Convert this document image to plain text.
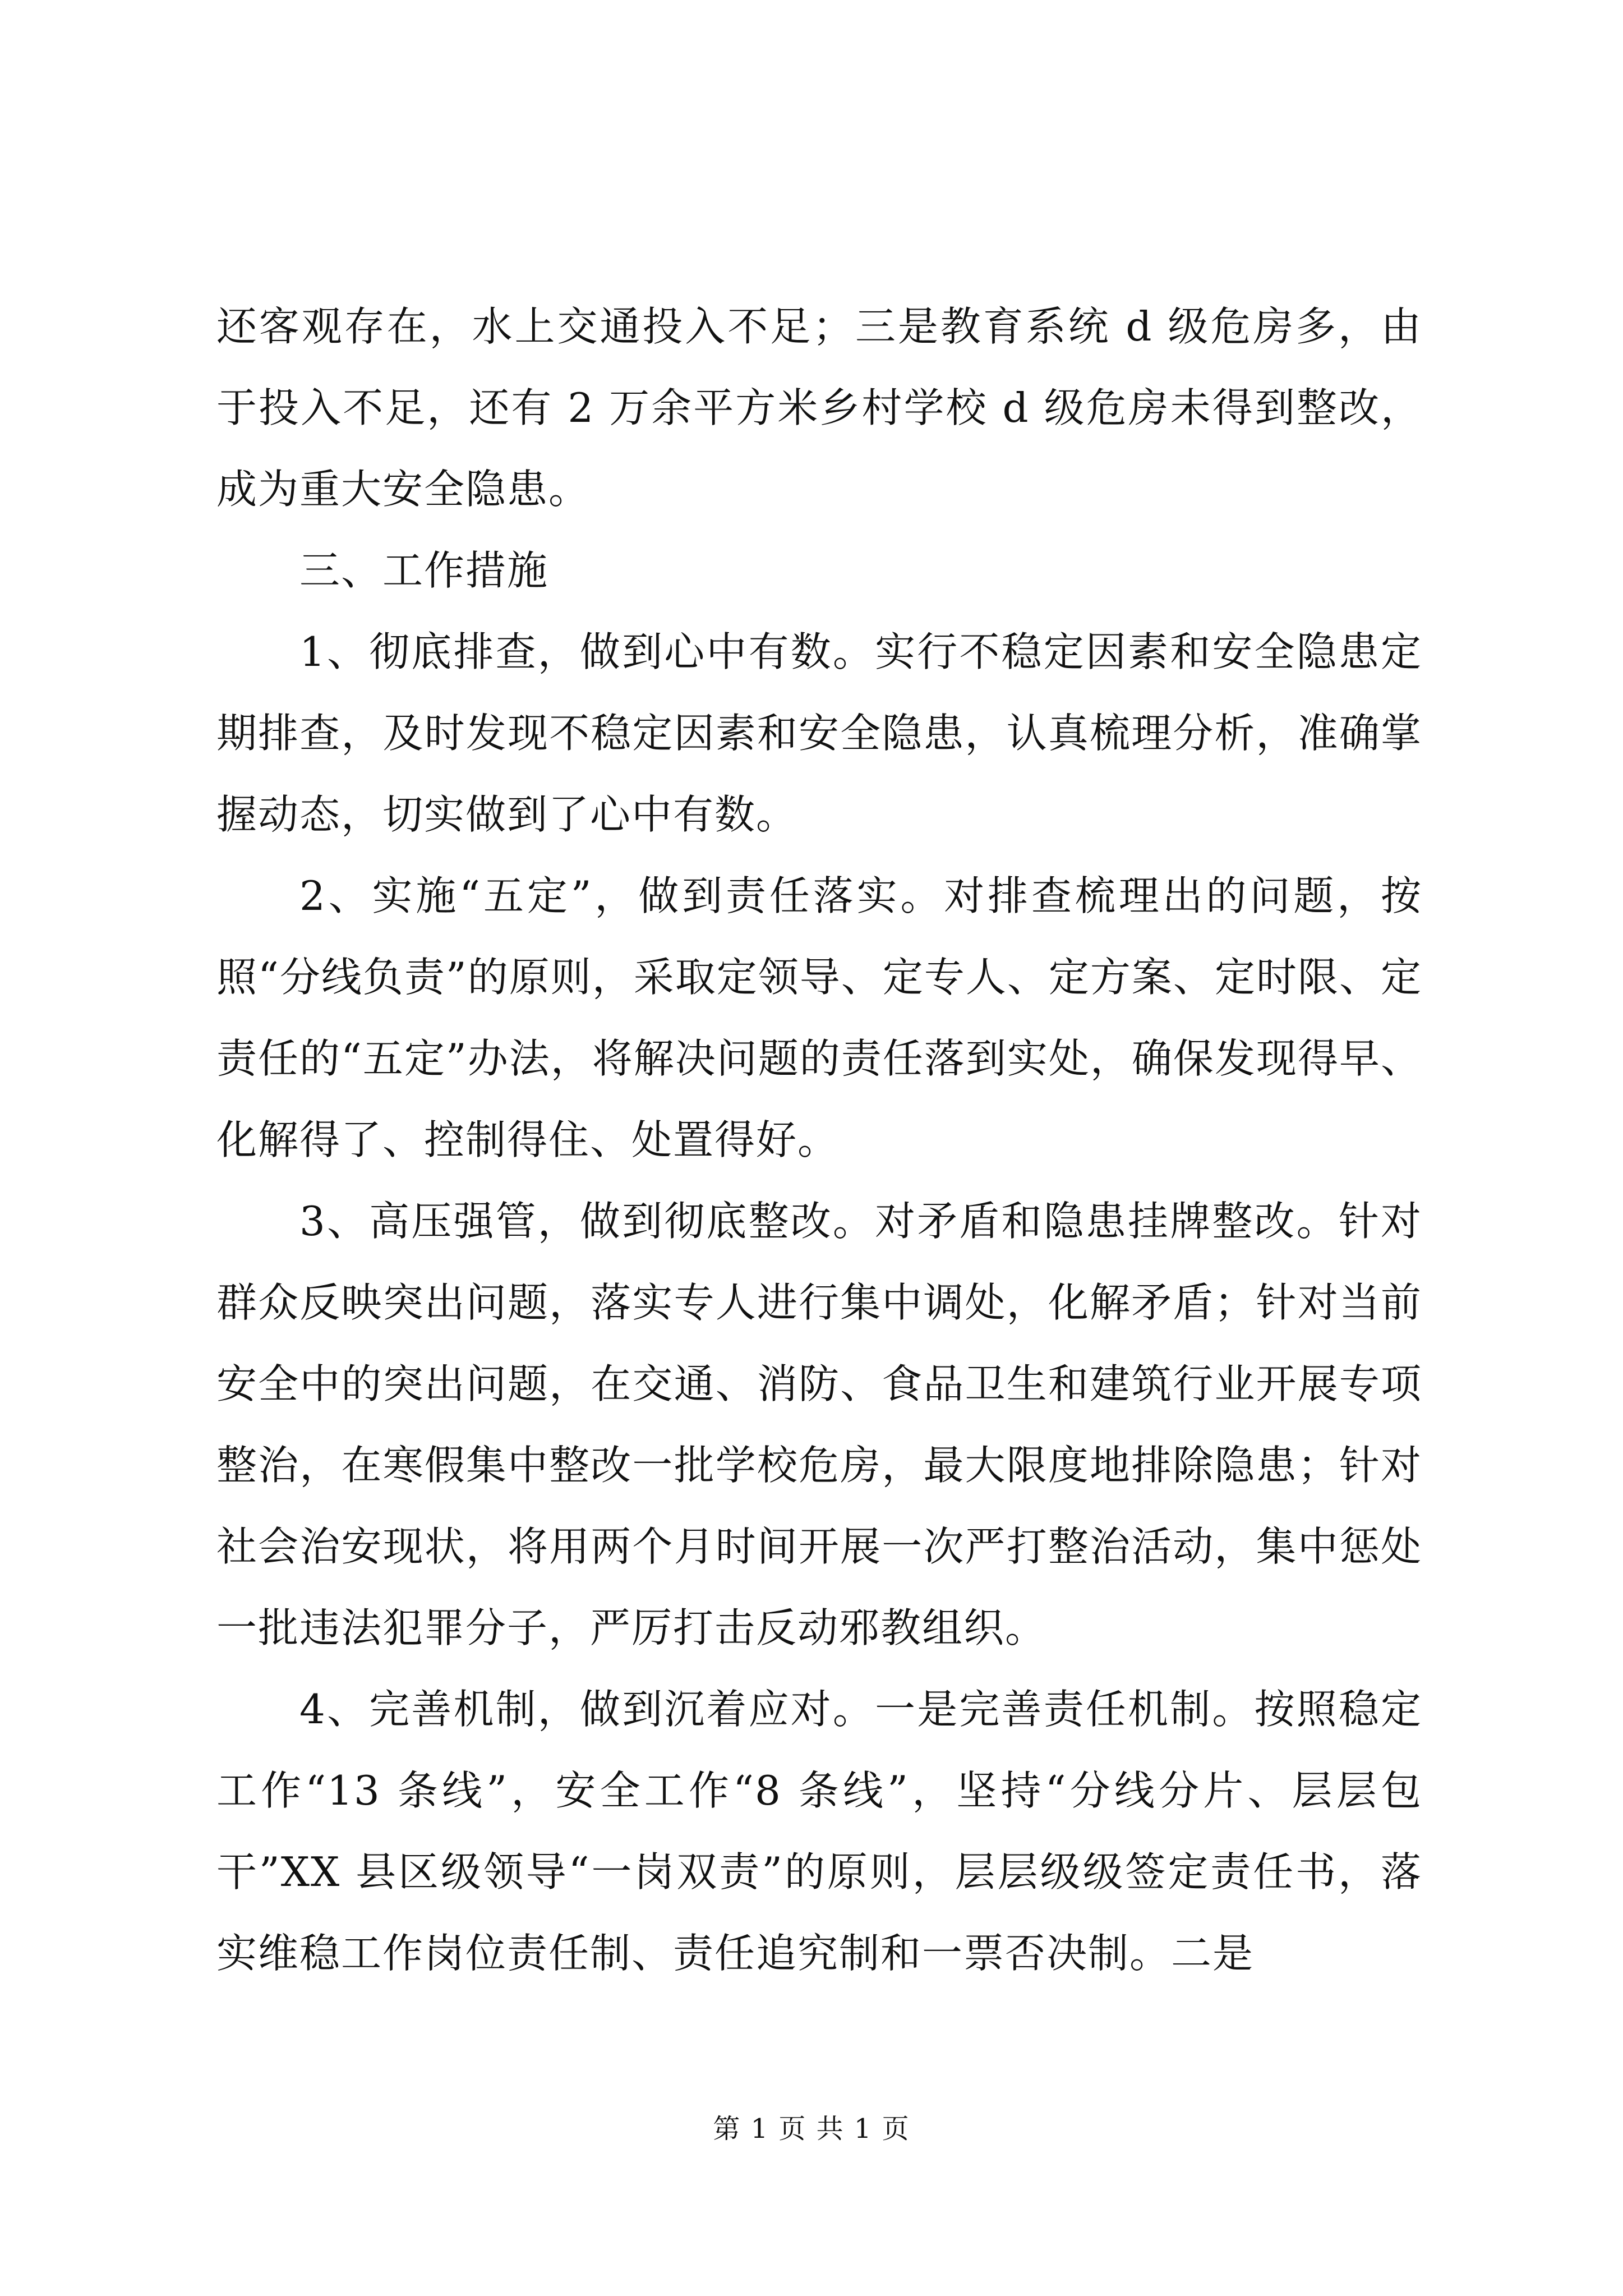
还客观存在，水上交通投入不足；三是教育系统 d 级危房多，由于投入不足，还有 2 万余平方米乡村学校 d 级危房未得到整改，成为重大安全隐患。

三、工作措施

1、彻底排查，做到心中有数。实行不稳定因素和安全隐患定期排查，及时发现不稳定因素和安全隐患，认真梳理分析，准确掌握动态，切实做到了心中有数。

2、实施“五定”，做到责任落实。对排查梳理出的问题，按照“分线负责”的原则，采取定领导、定专人、定方案、定时限、定责任的“五定”办法，将解决问题的责任落到实处，确保发现得早、化解得了、控制得住、处置得好。

3、高压强管，做到彻底整改。对矛盾和隐患挂牌整改。针对群众反映突出问题，落实专人进行集中调处，化解矛盾；针对当前安全中的突出问题，在交通、消防、食品卫生和建筑行业开展专项整治，在寒假集中整改一批学校危房，最大限度地排除隐患；针对社会治安现状，将用两个月时间开展一次严打整治活动，集中惩处一批违法犯罪分子，严厉打击反动邪教组织。

4、完善机制，做到沉着应对。一是完善责任机制。按照稳定工作“13 条线”，安全工作“8 条线”，坚持“分线分片、层层包干”XX 县区级领导“一岗双责”的原则，层层级级签定责任书，落实维稳工作岗位责任制、责任追究制和一票否决制。二是

第 1 页 共 1 页
